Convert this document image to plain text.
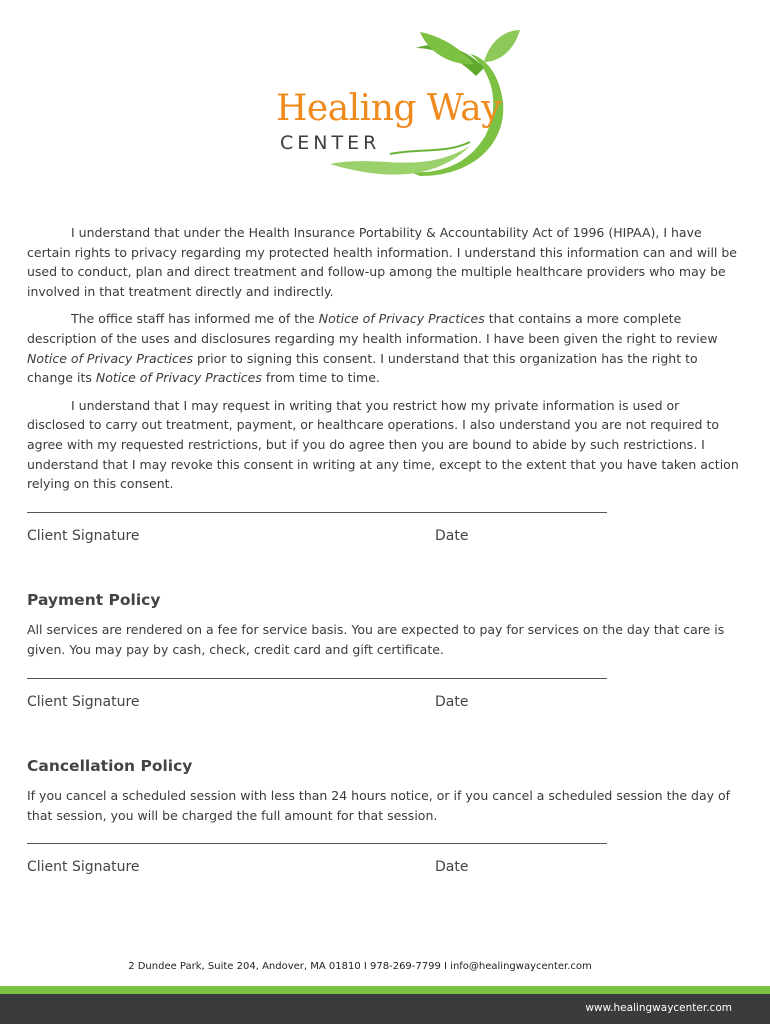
Healing Way
CENTER

I understand that under the Health Insurance Portability & Accountability Act of 1996 (HIPAA), I have certain rights to privacy regarding my protected health information. I understand this information can and will be used to conduct, plan and direct treatment and follow-up among the multiple healthcare providers who may be involved in that treatment directly and indirectly.

The office staff has informed me of the Notice of Privacy Practices that contains a more complete description of the uses and disclosures regarding my health information. I have been given the right to review Notice of Privacy Practices prior to signing this consent. I understand that this organization has the right to change its Notice of Privacy Practices from time to time.

I understand that I may request in writing that you restrict how my private information is used or disclosed to carry out treatment, payment, or healthcare operations. I also understand you are not required to agree with my requested restrictions, but if you do agree then you are bound to abide by such restrictions. I understand that I may revoke this consent in writing at any time, except to the extent that you have taken action relying on this consent.

Client Signature	Date
Payment Policy

All services are rendered on a fee for service basis. You are expected to pay for services on the day that care is given. You may pay by cash, check, credit card and gift certificate.

Client Signature	Date
Cancellation Policy

If you cancel a scheduled session with less than 24 hours notice, or if you cancel a scheduled session the day of that session, you will be charged the full amount for that session.

Client Signature	Date
2 Dundee Park, Suite 204, Andover, MA 01810 I 978-269-7799 I info@healingwaycenter.com
www.healingwaycenter.com
